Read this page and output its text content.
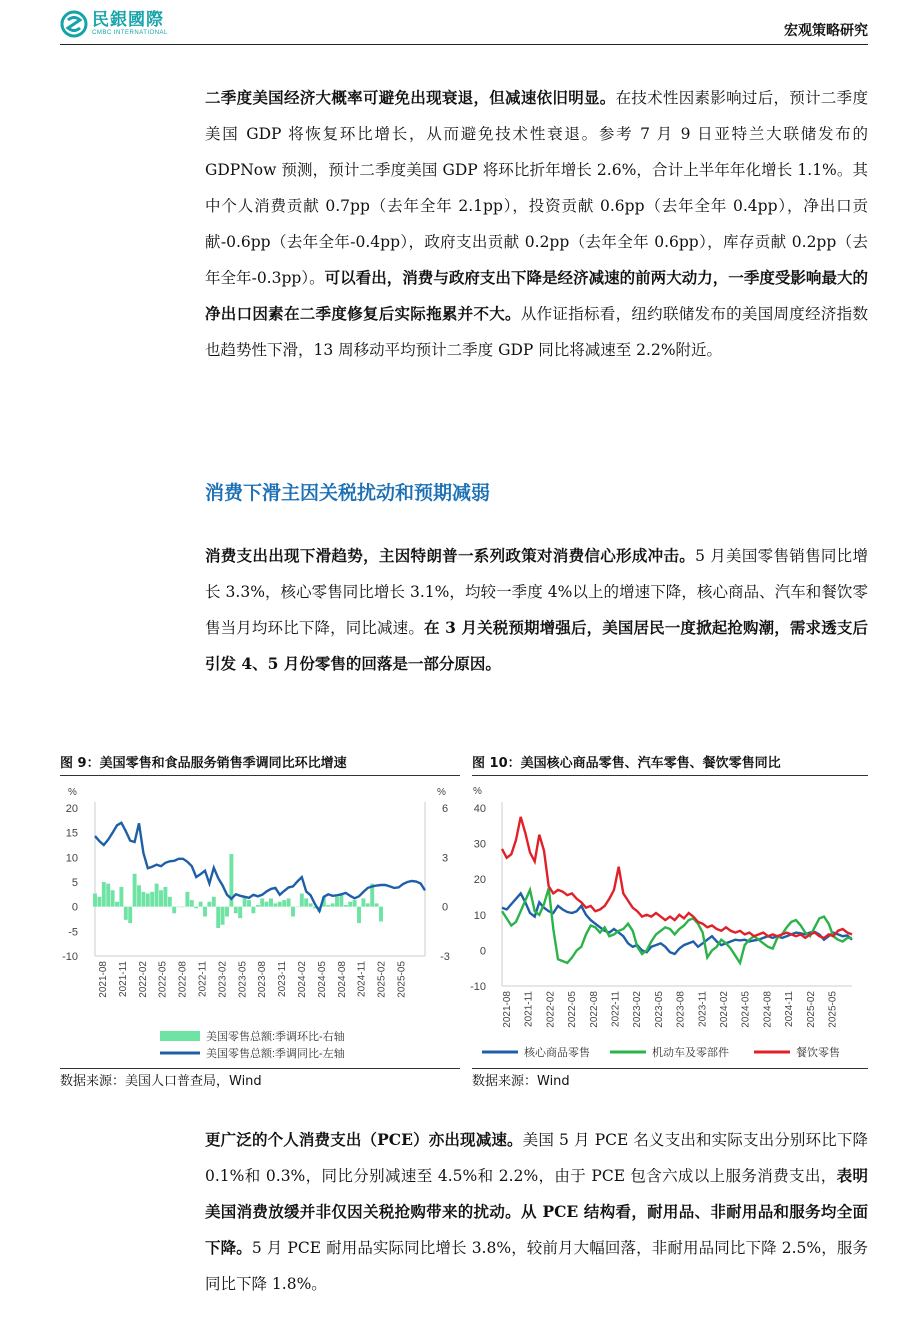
民銀國際
CMBC INTERNATIONAL	宏观策略研究
二季度美国经济大概率可避免出现衰退，但减速依旧明显。在技术性因素影响过后，预计二季度美国 GDP 将恢复环比增长，从而避免技术性衰退。参考 7 月 9 日亚特兰大联储发布的 GDPNow 预测，预计二季度美国 GDP 将环比折年增长 2.6%，合计上半年年化增长 1.1%。其中个人消费贡献 0.7pp（去年全年 2.1pp），投资贡献 0.6pp（去年全年 0.4pp），净出口贡献-0.6pp（去年全年-0.4pp），政府支出贡献 0.2pp（去年全年 0.6pp），库存贡献 0.2pp（去年全年-0.3pp）。可以看出，消费与政府支出下降是经济减速的前两大动力，一季度受影响最大的净出口因素在二季度修复后实际拖累并不大。从作证指标看，纽约联储发布的美国周度经济指数也趋势性下滑，13 周移动平均预计二季度 GDP 同比将减速至 2.2%附近。
消费下滑主因关税扰动和预期减弱
消费支出出现下滑趋势，主因特朗普一系列政策对消费信心形成冲击。5 月美国零售销售同比增长 3.3%，核心零售同比增长 3.1%，均较一季度 4%以上的增速下降，核心商品、汽车和餐饮零售当月均环比下降，同比减速。在 3 月关税预期增强后，美国居民一度掀起抢购潮，需求透支后引发 4、5 月份零售的回落是一部分原因。
图 9：美国零售和食品服务销售季调同比环比增速
%	%
20
15
10
5
0
-5
-10
6
3
0
-3
2021-08 2021-11 2022-02 2022-05 2022-08 2022-11 2023-02 2023-05 2023-08 2023-11 2024-02 2024-05 2024-08 2024-11 2025-02 2025-05
美国零售总额:季调环比-右轴
美国零售总额:季调同比-左轴
数据来源：美国人口普查局，Wind
图 10：美国核心商品零售、汽车零售、餐饮零售同比
%
40
30
20
10
0
-10
2021-08 2021-11 2022-02 2022-05 2022-08 2022-11 2023-02 2023-05 2023-08 2023-11 2024-02 2024-05 2024-08 2024-11 2025-02 2025-05
核心商品零售	机动车及零部件	餐饮零售
数据来源：Wind
更广泛的个人消费支出（PCE）亦出现减速。美国 5 月 PCE 名义支出和实际支出分别环比下降 0.1%和 0.3%，同比分别减速至 4.5%和 2.2%，由于 PCE 包含六成以上服务消费支出，表明美国消费放缓并非仅因关税抢购带来的扰动。从 PCE 结构看，耐用品、非耐用品和服务均全面下降。5 月 PCE 耐用品实际同比增长 3.8%，较前月大幅回落，非耐用品同比下降 2.5%，服务同比下降 1.8%。
